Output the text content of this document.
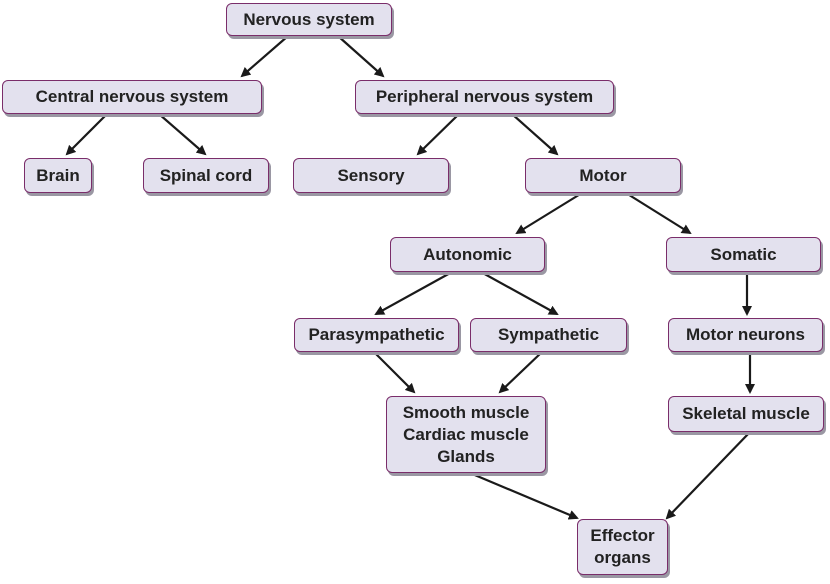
Nervous system
Central nervous system	Peripheral nervous system
Brain	Spinal cord	Sensory	Motor
Autonomic	Somatic
Parasympathetic	Sympathetic	Motor neurons
Smooth muscle
Cardiac muscle
Glands
Skeletal muscle
Effector
organs
